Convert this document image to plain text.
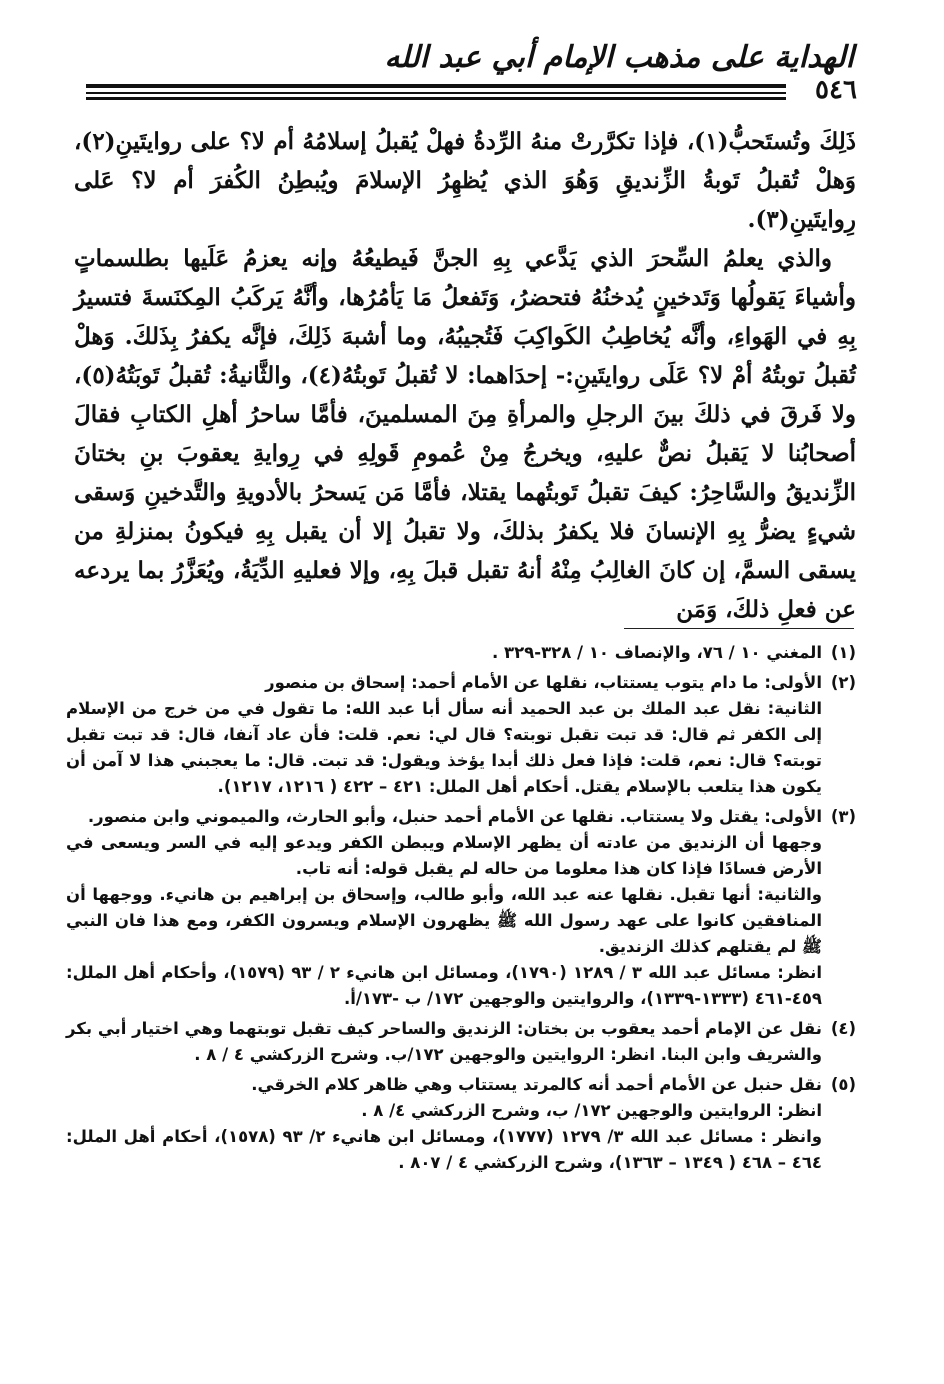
الهداية على مذهب الإمام أبي عبد الله
٥٤٦

ذَلِكَ وتُستَحبُّ(١)، فإذا تكرَّرتْ منهُ الرِّدةُ فهلْ يُقبلُ إسلامُهُ أم لا؟ على روايتَينِ(٢)، وَهلْ تُقبلُ تَوبةُ الزِّنديقِ وَهُوَ الذي يُظهِرُ الإسلامَ ويُبطِنُ الكُفرَ أم لا؟ عَلى رِوايتَينِ(٣).

والذي يعلمُ السِّحرَ الذي يَدَّعي بِهِ الجنَّ فَيطيعُهُ وإنه يعزمُ عَلَيها بطلسماتٍ وأشياءَ يَقولُها وَتَدخينٍ يُدخنُهُ فتحضرُ، وَتَفعلُ مَا يَأمُرُها، وأنَّهُ يَركَبُ المِكنَسةَ فتسيرُ بِهِ في الهَواءِ، وأنَّه يُخاطِبُ الكَواكِبَ فَتُجيبُهُ، وما أشبهَ ذَلِكَ، فإنَّه يكفرُ بِذَلكَ. وَهلْ تُقبلُ توبتُهُ أمْ لا؟ عَلَى روايتَينِ:- إحدَاهما: لا تُقبلُ تَوبتُهُ(٤)، والثَّانيةُ: تُقبلُ تَوبَتُهُ(٥)، ولا فَرقَ في ذلكَ بينَ الرجلِ والمرأةِ مِنَ المسلمينَ، فأمَّا ساحرُ أهلِ الكتابِ فقالَ أصحابُنا لا يَقبلُ نصٌّ عليهِ، ويخرجُ مِنْ عُمومِ قَولِهِ في رِوايةِ يعقوبَ بنِ بختانَ الزِّنديقُ والسَّاحِرُ: كيفَ تقبلُ تَوبتُهما يقتلا، فأمَّا مَن يَسحرُ بالأدويةِ والتَّدخينِ وَسقى شيءٍ يضرُّ بِهِ الإنسانَ فلا يكفرُ بذلكَ، ولا تقبلُ إلا أن يقبل بِهِ فيكونُ بمنزلةِ من يسقى السمَّ، إن كانَ الغالِبُ مِنْهُ أنهُ تقبل قبلَ بِهِ، وإلا فعليهِ الدِّيَةُ، ويُعَزَّرُ بما يردعه عن فعلِ ذلكَ، وَمَن

(١)
المغني ١٠ / ٧٦، والإنصاف ١٠ / ٣٢٨-٣٢٩ .
(٢)
الأولى: ما دام يتوب يستتاب، نقلها عن الأمام أحمد: إسحاق بن منصور
الثانية: نقل عبد الملك بن عبد الحميد أنه سأل أبا عبد الله: ما تقول في من خرج من الإسلام إلى الكفر ثم قال: قد تبت تقبل توبته؟ قال لي: نعم. قلت: فأن عاد آنفا، قال: قد تبت تقبل توبته؟ قال: نعم، قلت: فإذا فعل ذلك أبدا يؤخذ ويقول: قد تبت. قال: ما يعجبني هذا لا آمن أن يكون هذا يتلعب بالإسلام يقتل. أحكام أهل الملل: ٤٢١ – ٤٢٢ ( ١٢١٦، ١٢١٧).
(٣)
الأولى: يقتل ولا يستتاب. نقلها عن الأمام أحمد حنبل، وأبو الحارث، والميموني وابن منصور.
وجهها أن الزنديق من عادته أن يظهر الإسلام ويبطن الكفر ويدعو إليه في السر ويسعى في الأرض فسادًا فإذا كان هذا معلوما من حاله لم يقبل قوله: أنه تاب.
والثانية: أنها تقبل. نقلها عنه عبد الله، وأبو طالب، وإسحاق بن إبراهيم بن هانيء. ووجهها أن المنافقين كانوا على عهد رسول الله ﷺ يظهرون الإسلام ويسرون الكفر، ومع هذا فان النبي ﷺ لم يقتلهم كذلك الزنديق.
انظر: مسائل عبد الله ٣ / ١٢٨٩ (١٧٩٠)، ومسائل ابن هانيء ٢ / ٩٣ (١٥٧٩)، وأحكام أهل الملل: ٤٥٩-٤٦١ (١٣٣٣-١٣٣٩)، والروايتين والوجهين ١٧٢/ ب -١٧٣/أ.
(٤)
نقل عن الإمام أحمد يعقوب بن بختان: الزنديق والساحر كيف تقبل توبتهما وهي اختيار أبي بكر والشريف وابن البنا. انظر: الروايتين والوجهين ١٧٢/ب. وشرح الزركشي ٤ / ٨ .
(٥)
نقل حنبل عن الأمام أحمد أنه كالمرتد يستتاب وهي ظاهر كلام الخرقي.
انظر: الروايتين والوجهين ١٧٢/ ب، وشرح الزركشي ٤/ ٨ .
وانظر : مسائل عبد الله ٣/ ١٢٧٩ (١٧٧٧)، ومسائل ابن هانيء ٢/ ٩٣ (١٥٧٨)، أحكام أهل الملل: ٤٦٤ – ٤٦٨ ( ١٣٤٩ – ١٣٦٣)، وشرح الزركشي ٤ / ٨٠٧ .
